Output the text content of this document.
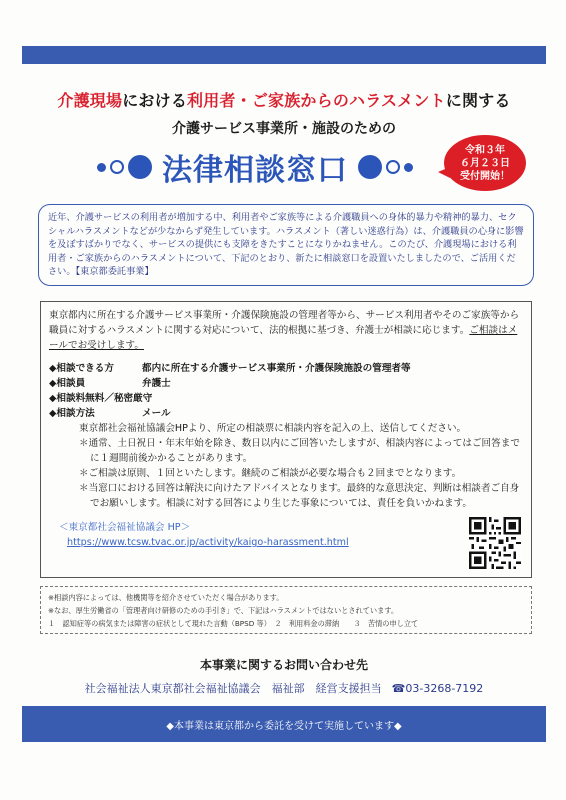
介護現場における利用者・ご家族からのハラスメントに関する
介護サービス事業所・施設のための
法律相談窓口
令和３年
６月２３日
受付開始！
近年、介護サービスの利用者が増加する中、利用者やご家族等による介護職員への身体的暴力や精神的暴力、セクシャルハラスメントなどが少なからず発生しています。ハラスメント（著しい迷惑行為）は、介護職員の心身に影響を及ぼすばかりでなく、サービスの提供にも支障をきたすことになりかねません。このたび、介護現場における利用者・ご家族からのハラスメントについて、下記のとおり、新たに相談窓口を設置いたしましたので、ご活用ください。【東京都委託事業】

東京都内に所在する介護サービス事業所・介護保険施設の管理者等から、サービス利用者やそのご家族等から職員に対するハラスメントに関する対応について、法的根拠に基づき、弁護士が相談に応じます。ご相談はメールでお受けします。

◆相談できる方	都内に所在する介護サービス事業所・介護保険施設の管理者等
◆相談員	弁護士
◆相談料無料／秘密厳守
◆相談方法	メール
東京都社会福祉協議会HPより、所定の相談票に相談内容を記入の上、送信してください。
＊通常、土日祝日・年末年始を除き、数日以内にご回答いたしますが、相談内容によってはご回答までに１週間前後かかることがあります。
＊ご相談は原則、１回といたします。継続のご相談が必要な場合も２回までとなります。
＊当窓口における回答は解決に向けたアドバイスとなります。最終的な意思決定、判断は相談者ご自身でお願いします。相談に対する回答により生じた事象については、責任を負いかねます。
＜東京都社会福祉協議会 HP＞
https://www.tcsw.tvac.or.jp/activity/kaigo-harassment.html
※相談内容によっては、他機関等を紹介させていただく場合があります。
※なお、厚生労働省の「管理者向け研修のための手引き」で、下記はハラスメントではないとされています。
１　認知症等の病気または障害の症状として現れた言動（BPSD 等）　２　利用料金の滞納　　３　苦情の申し立て
本事業に関するお問い合わせ先
社会福祉法人東京都社会福祉協議会　福祉部　経営支援担当 ☎03-3268-7192
◆本事業は東京都から委託を受けて実施しています◆
